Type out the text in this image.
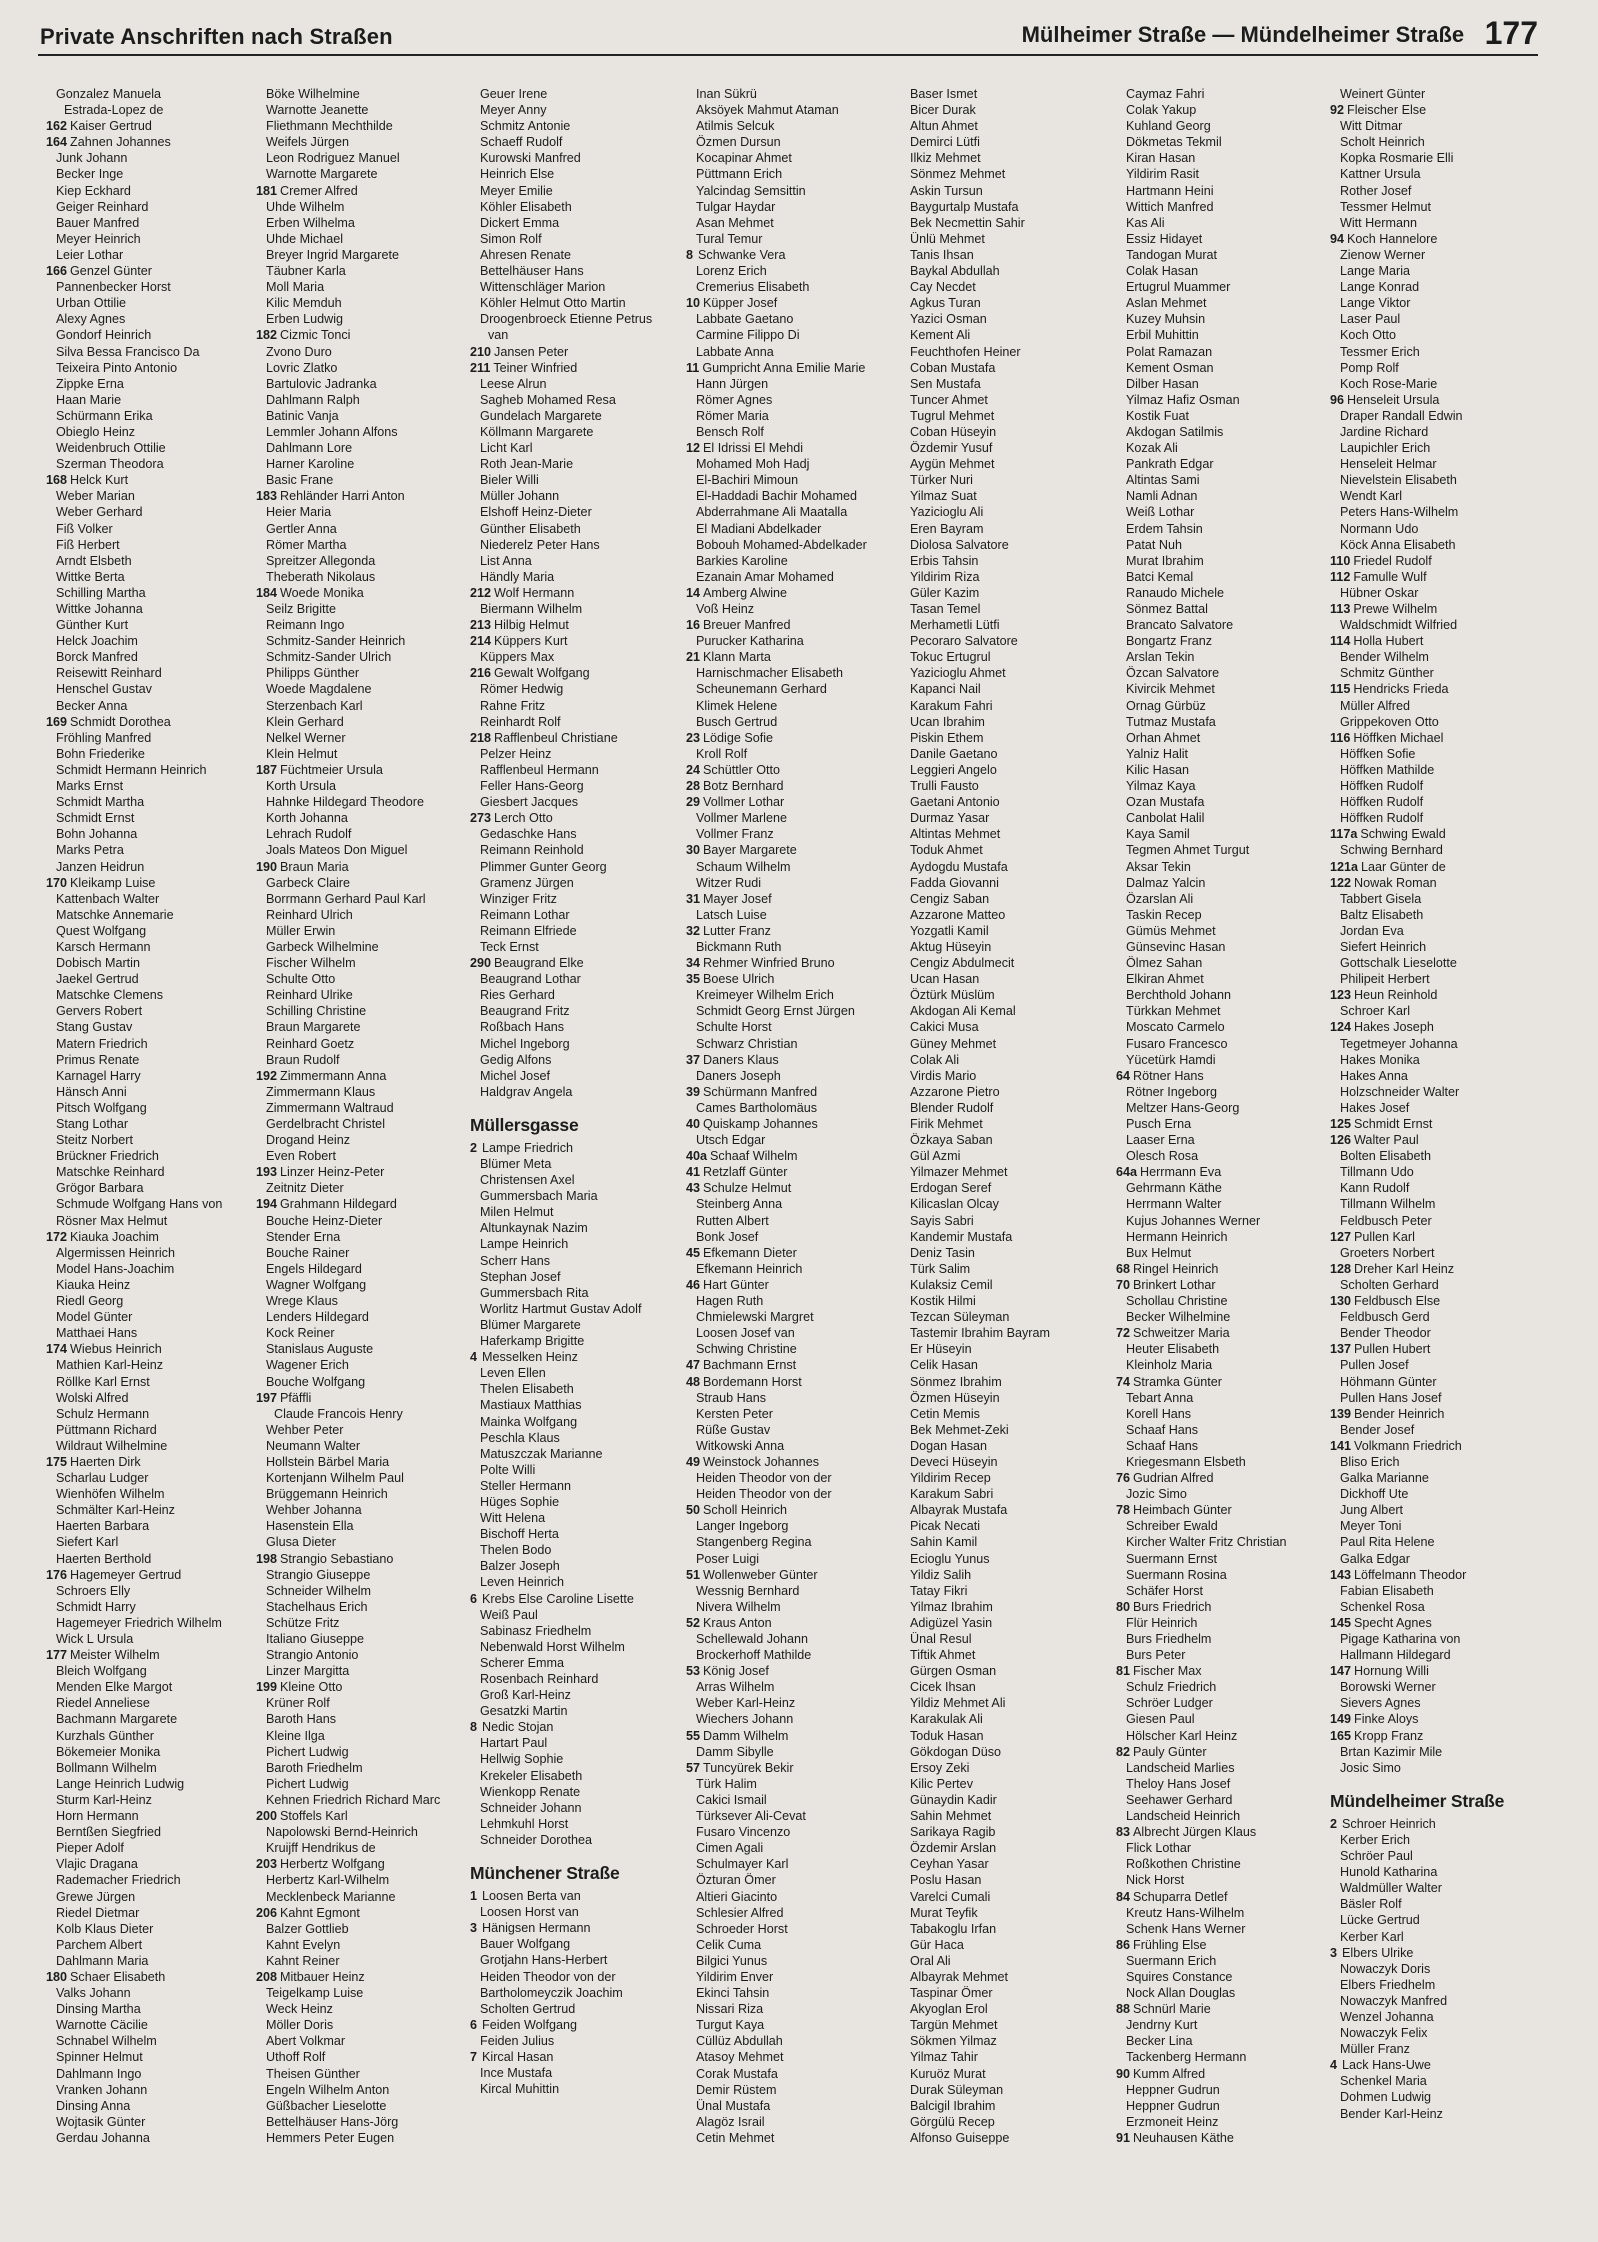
Private Anschriften nach Straßen	Mülheimer Straße — Mündelheimer Straße 177
Gonzalez Manuela
Estrada-Lopez de
162 Kaiser Gertrud
164 Zahnen Johannes
Junk Johann
Becker Inge
Kiep Eckhard
Geiger Reinhard
Bauer Manfred
Meyer Heinrich
Leier Lothar
166 Genzel Günter
Pannenbecker Horst
Urban Ottilie
Alexy Agnes
Gondorf Heinrich
Silva Bessa Francisco Da
Teixeira Pinto Antonio
Zippke Erna
Haan Marie
Schürmann Erika
Obieglo Heinz
Weidenbruch Ottilie
Szerman Theodora
168 Helck Kurt
Weber Marian
Weber Gerhard
Fiß Volker
Fiß Herbert
Arndt Elsbeth
Wittke Berta
Schilling Martha
Wittke Johanna
Günther Kurt
Helck Joachim
Borck Manfred
Reisewitt Reinhard
Henschel Gustav
Becker Anna
169 Schmidt Dorothea
Fröhling Manfred
Bohn Friederike
Schmidt Hermann Heinrich
Marks Ernst
Schmidt Martha
Schmidt Ernst
Bohn Johanna
Marks Petra
Janzen Heidrun
170 Kleikamp Luise
Kattenbach Walter
Matschke Annemarie
Quest Wolfgang
Karsch Hermann
Dobisch Martin
Jaekel Gertrud
Matschke Clemens
Gervers Robert
Stang Gustav
Matern Friedrich
Primus Renate
Karnagel Harry
Hänsch Anni
Pitsch Wolfgang
Stang Lothar
Steitz Norbert
Brückner Friedrich
Matschke Reinhard
Grögor Barbara
Schmude Wolfgang Hans von
Rösner Max Helmut
172 Kiauka Joachim
Algermissen Heinrich
Model Hans-Joachim
Kiauka Heinz
Riedl Georg
Model Günter
Matthaei Hans
174 Wiebus Heinrich
Mathien Karl-Heinz
Röllke Karl Ernst
Wolski Alfred
Schulz Hermann
Püttmann Richard
Wildraut Wilhelmine
175 Haerten Dirk
Scharlau Ludger
Wienhöfen Wilhelm
Schmälter Karl-Heinz
Haerten Barbara
Siefert Karl
Haerten Berthold
176 Hagemeyer Gertrud
Schroers Elly
Schmidt Harry
Hagemeyer Friedrich Wilhelm
Wick L Ursula
177 Meister Wilhelm
Bleich Wolfgang
Menden Elke Margot
Riedel Anneliese
Bachmann Margarete
Kurzhals Günther
Bökemeier Monika
Bollmann Wilhelm
Lange Heinrich Ludwig
Sturm Karl-Heinz
Horn Hermann
Berntßen Siegfried
Pieper Adolf
Vlajic Dragana
Rademacher Friedrich
Grewe Jürgen
Riedel Dietmar
Kolb Klaus Dieter
Parchem Albert
Dahlmann Maria
180 Schaer Elisabeth
Valks Johann
Dinsing Martha
Warnotte Cäcilie
Schnabel Wilhelm
Spinner Helmut
Dahlmann Ingo
Vranken Johann
Dinsing Anna
Wojtasik Günter
Gerdau Johanna
Böke Wilhelmine
Warnotte Jeanette
Fliethmann Mechthilde
Weifels Jürgen
Leon Rodriguez Manuel
Warnotte Margarete
181 Cremer Alfred
Uhde Wilhelm
Erben Wilhelma
Uhde Michael
Breyer Ingrid Margarete
Täubner Karla
Moll Maria
Kilic Memduh
Erben Ludwig
182 Cizmic Tonci
Zvono Duro
Lovric Zlatko
Bartulovic Jadranka
Dahlmann Ralph
Batinic Vanja
Lemmler Johann Alfons
Dahlmann Lore
Harner Karoline
Basic Frane
183 Rehländer Harri Anton
Heier Maria
Gertler Anna
Römer Martha
Spreitzer Allegonda
Theberath Nikolaus
184 Woede Monika
Seilz Brigitte
Reimann Ingo
Schmitz-Sander Heinrich
Schmitz-Sander Ulrich
Philipps Günther
Woede Magdalene
Sterzenbach Karl
Klein Gerhard
Nelkel Werner
Klein Helmut
187 Füchtmeier Ursula
Korth Ursula
Hahnke Hildegard Theodore
Korth Johanna
Lehrach Rudolf
Joals Mateos Don Miguel
190 Braun Maria
Garbeck Claire
Borrmann Gerhard Paul Karl
Reinhard Ulrich
Müller Erwin
Garbeck Wilhelmine
Fischer Wilhelm
Schulte Otto
Reinhard Ulrike
Schilling Christine
Braun Margarete
Reinhard Goetz
Braun Rudolf
192 Zimmermann Anna
Zimmermann Klaus
Zimmermann Waltraud
Gerdelbracht Christel
Drogand Heinz
Even Robert
193 Linzer Heinz-Peter
Zeitnitz Dieter
194 Grahmann Hildegard
Bouche Heinz-Dieter
Stender Erna
Bouche Rainer
Engels Hildegard
Wagner Wolfgang
Wrege Klaus
Lenders Hildegard
Kock Reiner
Stanislaus Auguste
Wagener Erich
Bouche Wolfgang
197 Pfäffli
Claude Francois Henry
Wehber Peter
Neumann Walter
Hollstein Bärbel Maria
Kortenjann Wilhelm Paul
Brüggemann Heinrich
Wehber Johanna
Hasenstein Ella
Glusa Dieter
198 Strangio Sebastiano
Strangio Giuseppe
Schneider Wilhelm
Stachelhaus Erich
Schütze Fritz
Italiano Giuseppe
Strangio Antonio
Linzer Margitta
199 Kleine Otto
Krüner Rolf
Baroth Hans
Kleine Ilga
Pichert Ludwig
Baroth Friedhelm
Pichert Ludwig
Kehnen Friedrich Richard Marc
200 Stoffels Karl
Napolowski Bernd-Heinrich
Kruijff Hendrikus de
203 Herbertz Wolfgang
Herbertz Karl-Wilhelm
Mecklenbeck Marianne
206 Kahnt Egmont
Balzer Gottlieb
Kahnt Evelyn
Kahnt Reiner
208 Mitbauer Heinz
Teigelkamp Luise
Weck Heinz
Möller Doris
Abert Volkmar
Uthoff Rolf
Theisen Günther
Engeln Wilhelm Anton
Güßbacher Lieselotte
Bettelhäuser Hans-Jörg
Hemmers Peter Eugen
Geuer Irene
Meyer Anny
Schmitz Antonie
Schaeff Rudolf
Kurowski Manfred
Heinrich Else
Meyer Emilie
Köhler Elisabeth
Dickert Emma
Simon Rolf
Ahresen Renate
Bettelhäuser Hans
Wittenschläger Marion
Köhler Helmut Otto Martin
Droogenbroeck Etienne Petrus
van
210 Jansen Peter
211 Teiner Winfried
Leese Alrun
Sagheb Mohamed Resa
Gundelach Margarete
Köllmann Margarete
Licht Karl
Roth Jean-Marie
Bieler Willi
Müller Johann
Elshoff Heinz-Dieter
Günther Elisabeth
Niederelz Peter Hans
List Anna
Händly Maria
212 Wolf Hermann
Biermann Wilhelm
213 Hilbig Helmut
214 Küppers Kurt
Küppers Max
216 Gewalt Wolfgang
Römer Hedwig
Rahne Fritz
Reinhardt Rolf
218 Rafflenbeul Christiane
Pelzer Heinz
Rafflenbeul Hermann
Feller Hans-Georg
Giesbert Jacques
273 Lerch Otto
Gedaschke Hans
Reimann Reinhold
Plimmer Gunter Georg
Gramenz Jürgen
Winziger Fritz
Reimann Lothar
Reimann Elfriede
Teck Ernst
290 Beaugrand Elke
Beaugrand Lothar
Ries Gerhard
Beaugrand Fritz
Roßbach Hans
Michel Ingeborg
Gedig Alfons
Michel Josef
Haldgrav Angela
Müllersgasse
2 Lampe Friedrich
Blümer Meta
Christensen Axel
Gummersbach Maria
Milen Helmut
Altunkaynak Nazim
Lampe Heinrich
Scherr Hans
Stephan Josef
Gummersbach Rita
Worlitz Hartmut Gustav Adolf
Blümer Margarete
Haferkamp Brigitte
4 Messelken Heinz
Leven Ellen
Thelen Elisabeth
Mastiaux Matthias
Mainka Wolfgang
Peschla Klaus
Matuszczak Marianne
Polte Willi
Steller Hermann
Hüges Sophie
Witt Helena
Bischoff Herta
Thelen Bodo
Balzer Joseph
Leven Heinrich
6 Krebs Else Caroline Lisette
Weiß Paul
Sabinasz Friedhelm
Nebenwald Horst Wilhelm
Scherer Emma
Rosenbach Reinhard
Groß Karl-Heinz
Gesatzki Martin
8 Nedic Stojan
Hartart Paul
Hellwig Sophie
Krekeler Elisabeth
Wienkopp Renate
Schneider Johann
Lehmkuhl Horst
Schneider Dorothea
Münchener Straße
1 Loosen Berta van
Loosen Horst van
3 Hänigsen Hermann
Bauer Wolfgang
Grotjahn Hans-Herbert
Heiden Theodor von der
Bartholomeyczik Joachim
Scholten Gertrud
6 Feiden Wolfgang
Feiden Julius
7 Kircal Hasan
Ince Mustafa
Kircal Muhittin
Inan Sükrü
Aksöyek Mahmut Ataman
Atilmis Selcuk
Özmen Dursun
Kocapinar Ahmet
Püttmann Erich
Yalcindag Semsittin
Tulgar Haydar
Asan Mehmet
Tural Temur
8 Schwanke Vera
Lorenz Erich
Cremerius Elisabeth
10 Küpper Josef
Labbate Gaetano
Carmine Filippo Di
Labbate Anna
11 Gumpricht Anna Emilie Marie
Hann Jürgen
Römer Agnes
Römer Maria
Bensch Rolf
12 El Idrissi El Mehdi
Mohamed Moh Hadj
El-Bachiri Mimoun
El-Haddadi Bachir Mohamed
Abderrahmane Ali Maatalla
El Madiani Abdelkader
Bobouh Mohamed-Abdelkader
Barkies Karoline
Ezanain Amar Mohamed
14 Amberg Alwine
Voß Heinz
16 Breuer Manfred
Purucker Katharina
21 Klann Marta
Harnischmacher Elisabeth
Scheunemann Gerhard
Klimek Helene
Busch Gertrud
23 Lödige Sofie
Kroll Rolf
24 Schüttler Otto
28 Botz Bernhard
29 Vollmer Lothar
Vollmer Marlene
Vollmer Franz
30 Bayer Margarete
Schaum Wilhelm
Witzer Rudi
31 Mayer Josef
Latsch Luise
32 Lutter Franz
Bickmann Ruth
34 Rehmer Winfried Bruno
35 Boese Ulrich
Kreimeyer Wilhelm Erich
Schmidt Georg Ernst Jürgen
Schulte Horst
Schwarz Christian
37 Daners Klaus
Daners Joseph
39 Schürmann Manfred
Cames Bartholomäus
40 Quiskamp Johannes
Utsch Edgar
40a Schaaf Wilhelm
41 Retzlaff Günter
43 Schulze Helmut
Steinberg Anna
Rutten Albert
Bonk Josef
45 Efkemann Dieter
Efkemann Heinrich
46 Hart Günter
Hagen Ruth
Chmielewski Margret
Loosen Josef van
Schwing Christine
47 Bachmann Ernst
48 Bordemann Horst
Straub Hans
Kersten Peter
Rüße Gustav
Witkowski Anna
49 Weinstock Johannes
Heiden Theodor von der
Heiden Theodor von der
50 Scholl Heinrich
Langer Ingeborg
Stangenberg Regina
Poser Luigi
51 Wollenweber Günter
Wessnig Bernhard
Nivera Wilhelm
52 Kraus Anton
Schellewald Johann
Brockerhoff Mathilde
53 König Josef
Arras Wilhelm
Weber Karl-Heinz
Wiechers Johann
55 Damm Wilhelm
Damm Sibylle
57 Tuncyürek Bekir
Türk Halim
Cakici Ismail
Türksever Ali-Cevat
Fusaro Vincenzo
Cimen Agali
Schulmayer Karl
Özturan Ömer
Altieri Giacinto
Schlesier Alfred
Schroeder Horst
Celik Cuma
Bilgici Yunus
Yildirim Enver
Ekinci Tahsin
Nissari Riza
Turgut Kaya
Cüllüz Abdullah
Atasoy Mehmet
Corak Mustafa
Demir Rüstem
Ünal Mustafa
Alagöz Israil
Cetin Mehmet
Baser Ismet
Bicer Durak
Altun Ahmet
Demirci Lütfi
Ilkiz Mehmet
Sönmez Mehmet
Askin Tursun
Baygurtalp Mustafa
Bek Necmettin Sahir
Ünlü Mehmet
Tanis Ihsan
Baykal Abdullah
Cay Necdet
Agkus Turan
Yazici Osman
Kement Ali
Feuchthofen Heiner
Coban Mustafa
Sen Mustafa
Tuncer Ahmet
Tugrul Mehmet
Coban Hüseyin
Özdemir Yusuf
Aygün Mehmet
Türker Nuri
Yilmaz Suat
Yazicioglu Ali
Eren Bayram
Diolosa Salvatore
Erbis Tahsin
Yildirim Riza
Güler Kazim
Tasan Temel
Merhametli Lütfi
Pecoraro Salvatore
Tokuc Ertugrul
Yazicioglu Ahmet
Kapanci Nail
Karakum Fahri
Ucan Ibrahim
Piskin Ethem
Danile Gaetano
Leggieri Angelo
Trulli Fausto
Gaetani Antonio
Durmaz Yasar
Altintas Mehmet
Toduk Ahmet
Aydogdu Mustafa
Fadda Giovanni
Cengiz Saban
Azzarone Matteo
Yozgatli Kamil
Aktug Hüseyin
Cengiz Abdulmecit
Ucan Hasan
Öztürk Müslüm
Akdogan Ali Kemal
Cakici Musa
Güney Mehmet
Colak Ali
Virdis Mario
Azzarone Pietro
Blender Rudolf
Firik Mehmet
Özkaya Saban
Gül Azmi
Yilmazer Mehmet
Erdogan Seref
Kilicaslan Olcay
Sayis Sabri
Kandemir Mustafa
Deniz Tasin
Türk Salim
Kulaksiz Cemil
Kostik Hilmi
Tezcan Süleyman
Tastemir Ibrahim Bayram
Er Hüseyin
Celik Hasan
Sönmez Ibrahim
Özmen Hüseyin
Cetin Memis
Bek Mehmet-Zeki
Dogan Hasan
Deveci Hüseyin
Yildirim Recep
Karakum Sabri
Albayrak Mustafa
Picak Necati
Sahin Kamil
Ecioglu Yunus
Yildiz Salih
Tatay Fikri
Yilmaz Ibrahim
Adigüzel Yasin
Ünal Resul
Tiftik Ahmet
Gürgen Osman
Cicek Ihsan
Yildiz Mehmet Ali
Karakulak Ali
Toduk Hasan
Gökdogan Düso
Ersoy Zeki
Kilic Pertev
Günaydin Kadir
Sahin Mehmet
Sarikaya Ragib
Özdemir Arslan
Ceyhan Yasar
Poslu Hasan
Varelci Cumali
Murat Teyfik
Tabakoglu Irfan
Gür Haca
Oral Ali
Albayrak Mehmet
Taspinar Ömer
Akyoglan Erol
Targün Mehmet
Sökmen Yilmaz
Yilmaz Tahir
Kuruöz Murat
Durak Süleyman
Balcigil Ibrahim
Görgülü Recep
Alfonso Guiseppe
Caymaz Fahri
Colak Yakup
Kuhland Georg
Dökmetas Tekmil
Kiran Hasan
Yildirim Rasit
Hartmann Heini
Wittich Manfred
Kas Ali
Essiz Hidayet
Tandogan Murat
Colak Hasan
Ertugrul Muammer
Aslan Mehmet
Kuzey Muhsin
Erbil Muhittin
Polat Ramazan
Kement Osman
Dilber Hasan
Yilmaz Hafiz Osman
Kostik Fuat
Akdogan Satilmis
Kozak Ali
Pankrath Edgar
Altintas Sami
Namli Adnan
Weiß Lothar
Erdem Tahsin
Patat Nuh
Murat Ibrahim
Batci Kemal
Ranaudo Michele
Sönmez Battal
Brancato Salvatore
Bongartz Franz
Arslan Tekin
Özcan Salvatore
Kivircik Mehmet
Ornag Gürbüz
Tutmaz Mustafa
Orhan Ahmet
Yalniz Halit
Kilic Hasan
Yilmaz Kaya
Ozan Mustafa
Canbolat Halil
Kaya Samil
Tegmen Ahmet Turgut
Aksar Tekin
Dalmaz Yalcin
Özarslan Ali
Taskin Recep
Gümüs Mehmet
Günsevinc Hasan
Ölmez Sahan
Elkiran Ahmet
Berchthold Johann
Türkkan Mehmet
Moscato Carmelo
Fusaro Francesco
Yücetürk Hamdi
64 Rötner Hans
Rötner Ingeborg
Meltzer Hans-Georg
Pusch Erna
Laaser Erna
Olesch Rosa
64a Herrmann Eva
Gehrmann Käthe
Herrmann Walter
Kujus Johannes Werner
Hermann Heinrich
Bux Helmut
68 Ringel Heinrich
70 Brinkert Lothar
Schollau Christine
Becker Wilhelmine
72 Schweitzer Maria
Heuter Elisabeth
Kleinholz Maria
74 Stramka Günter
Tebart Anna
Korell Hans
Schaaf Hans
Schaaf Hans
Kriegesmann Elsbeth
76 Gudrian Alfred
Jozic Simo
78 Heimbach Günter
Schreiber Ewald
Kircher Walter Fritz Christian
Suermann Ernst
Suermann Rosina
Schäfer Horst
80 Burs Friedrich
Flür Heinrich
Burs Friedhelm
Burs Peter
81 Fischer Max
Schulz Friedrich
Schröer Ludger
Giesen Paul
Hölscher Karl Heinz
82 Pauly Günter
Landscheid Marlies
Theloy Hans Josef
Seehawer Gerhard
Landscheid Heinrich
83 Albrecht Jürgen Klaus
Flick Lothar
Roßkothen Christine
Nick Horst
84 Schuparra Detlef
Kreutz Hans-Wilhelm
Schenk Hans Werner
86 Frühling Else
Suermann Erich
Squires Constance
Nock Allan Douglas
88 Schnürl Marie
Jendrny Kurt
Becker Lina
Tackenberg Hermann
90 Kumm Alfred
Heppner Gudrun
Heppner Gudrun
Erzmoneit Heinz
91 Neuhausen Käthe
Weinert Günter
92 Fleischer Else
Witt Ditmar
Scholt Heinrich
Kopka Rosmarie Elli
Kattner Ursula
Rother Josef
Tessmer Helmut
Witt Hermann
94 Koch Hannelore
Zienow Werner
Lange Maria
Lange Konrad
Lange Viktor
Laser Paul
Koch Otto
Tessmer Erich
Pomp Rolf
Koch Rose-Marie
96 Henseleit Ursula
Draper Randall Edwin
Jardine Richard
Laupichler Erich
Henseleit Helmar
Nievelstein Elisabeth
Wendt Karl
Peters Hans-Wilhelm
Normann Udo
Köck Anna Elisabeth
110 Friedel Rudolf
112 Famulle Wulf
Hübner Oskar
113 Prewe Wilhelm
Waldschmidt Wilfried
114 Holla Hubert
Bender Wilhelm
Schmitz Günther
115 Hendricks Frieda
Müller Alfred
Grippekoven Otto
116 Höffken Michael
Höffken Sofie
Höffken Mathilde
Höffken Rudolf
Höffken Rudolf
Höffken Rudolf
117a Schwing Ewald
Schwing Bernhard
121a Laar Günter de
122 Nowak Roman
Tabbert Gisela
Baltz Elisabeth
Jordan Eva
Siefert Heinrich
Gottschalk Lieselotte
Philipeit Herbert
123 Heun Reinhold
Schroer Karl
124 Hakes Joseph
Tegetmeyer Johanna
Hakes Monika
Hakes Anna
Holzschneider Walter
Hakes Josef
125 Schmidt Ernst
126 Walter Paul
Bolten Elisabeth
Tillmann Udo
Kann Rudolf
Tillmann Wilhelm
Feldbusch Peter
127 Pullen Karl
Groeters Norbert
128 Dreher Karl Heinz
Scholten Gerhard
130 Feldbusch Else
Feldbusch Gerd
Bender Theodor
137 Pullen Hubert
Pullen Josef
Höhmann Günter
Pullen Hans Josef
139 Bender Heinrich
Bender Josef
141 Volkmann Friedrich
Bliso Erich
Galka Marianne
Dickhoff Ute
Jung Albert
Meyer Toni
Paul Rita Helene
Galka Edgar
143 Löffelmann Theodor
Fabian Elisabeth
Schenkel Rosa
145 Specht Agnes
Pigage Katharina von
Hallmann Hildegard
147 Hornung Willi
Borowski Werner
Sievers Agnes
149 Finke Aloys
165 Kropp Franz
Brtan Kazimir Mile
Josic Simo
Mündelheimer Straße
2 Schroer Heinrich
Kerber Erich
Schröer Paul
Hunold Katharina
Waldmüller Walter
Bäsler Rolf
Lücke Gertrud
Kerber Karl
3 Elbers Ulrike
Nowaczyk Doris
Elbers Friedhelm
Nowaczyk Manfred
Wenzel Johanna
Nowaczyk Felix
Müller Franz
4 Lack Hans-Uwe
Schenkel Maria
Dohmen Ludwig
Bender Karl-Heinz
